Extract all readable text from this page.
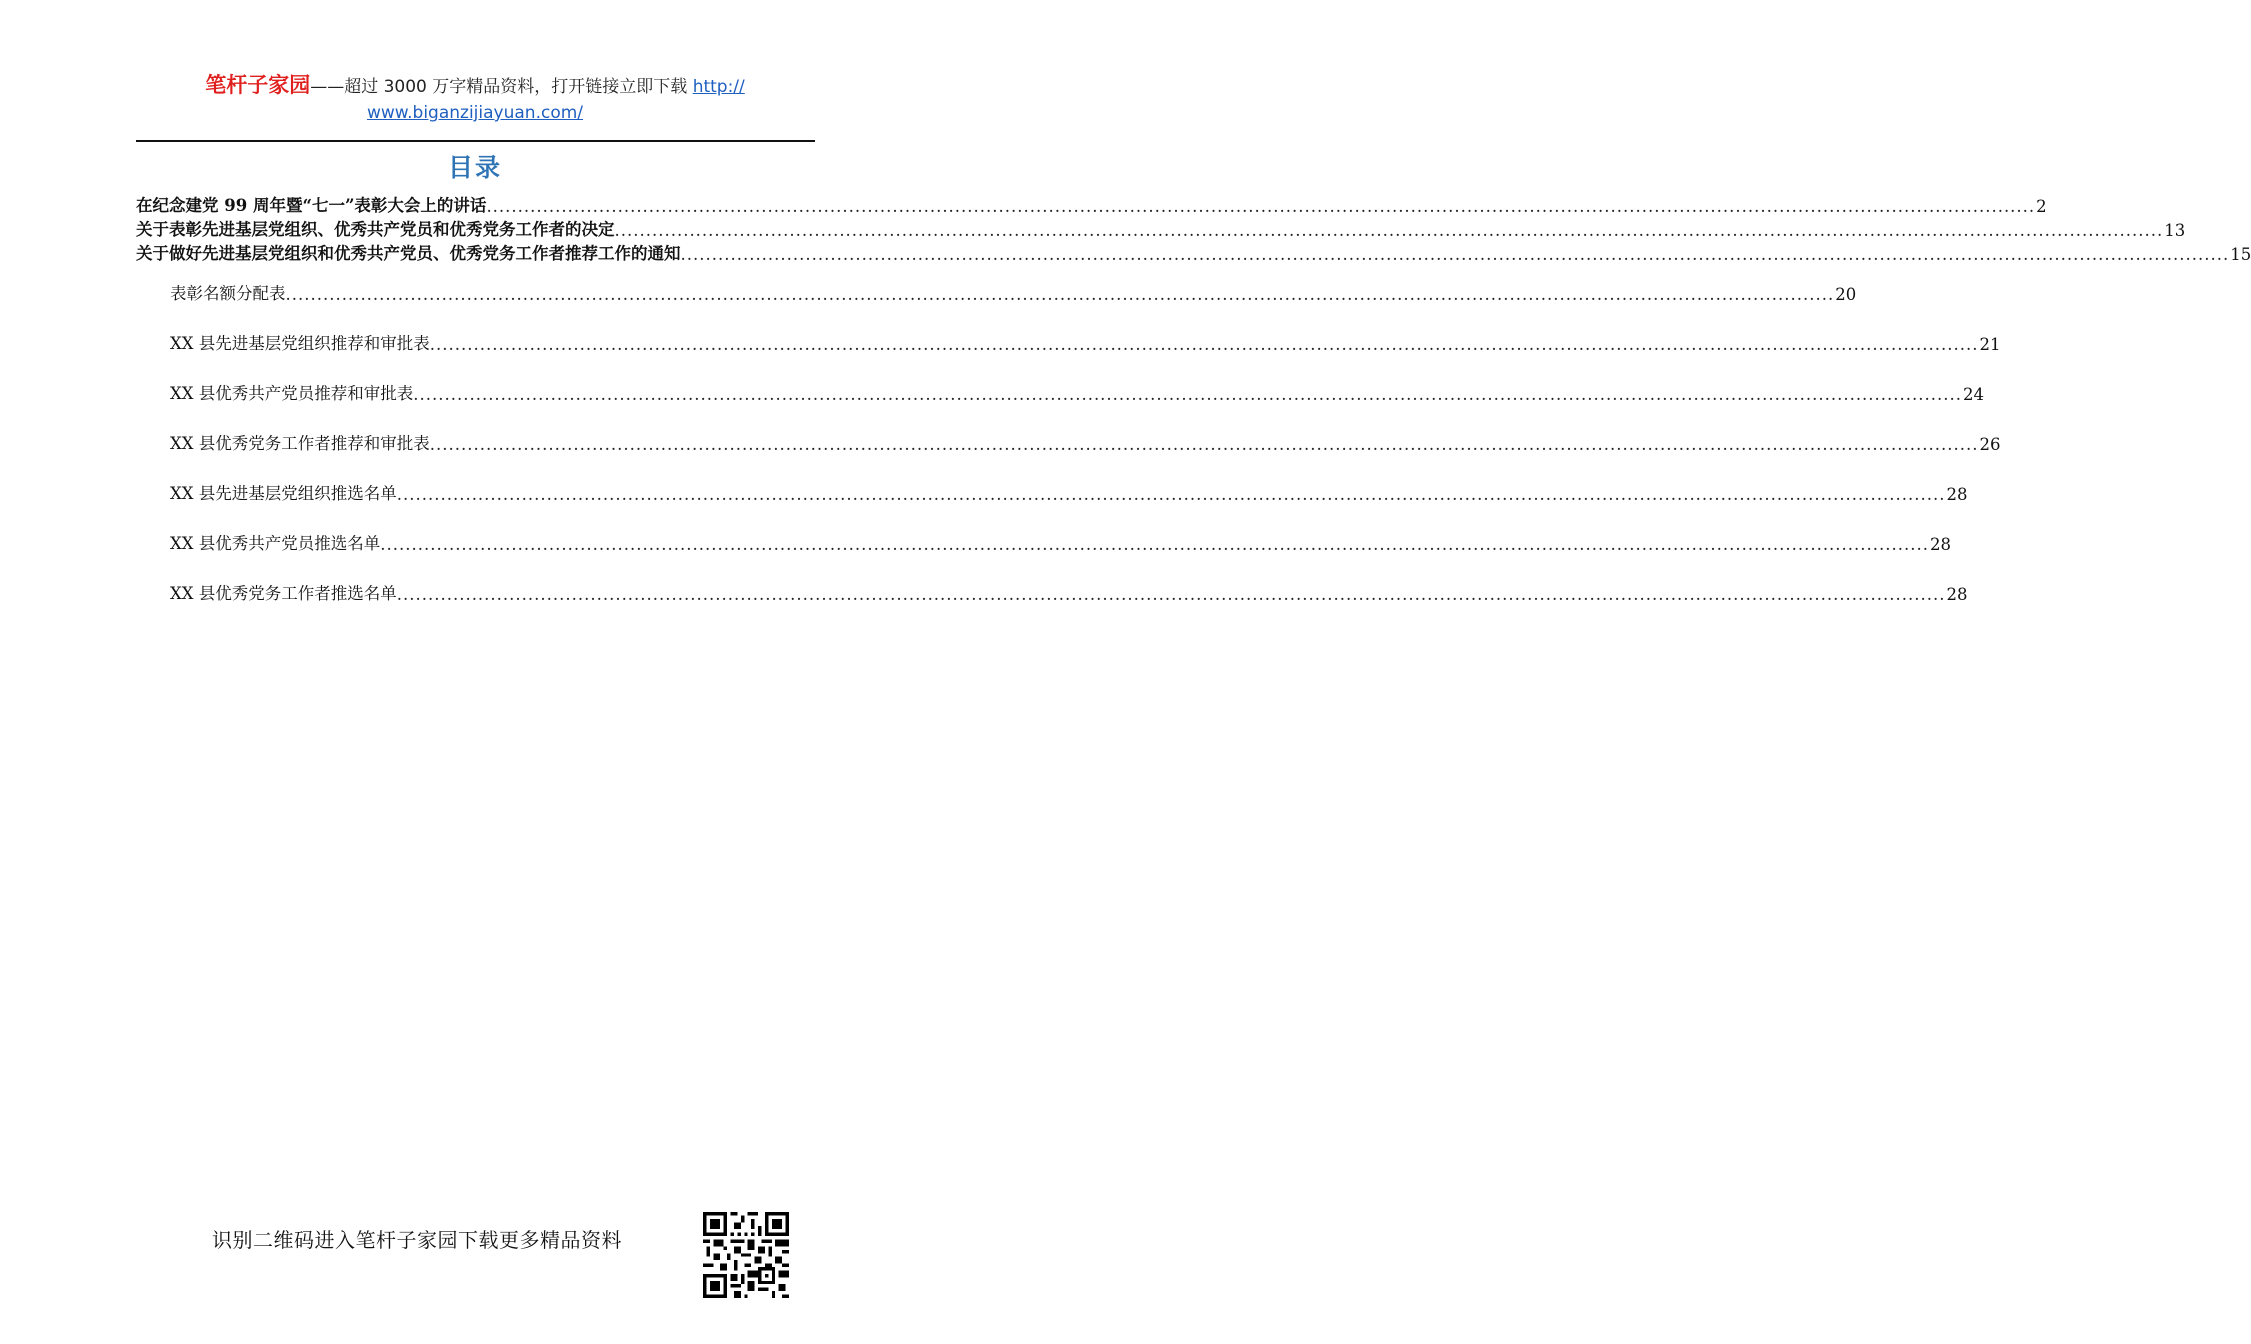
笔杆子家园——超过 3000 万字精品资料，打开链接立即下载 http://
www.biganzijiayuan.com/
目录
在纪念建党 99 周年暨“七一”表彰大会上的讲话 .....	2
关于表彰先进基层党组织、优秀共产党员和优秀党务工作者的决定 .....	13
关于做好先进基层党组织和优秀共产党员、优秀党务工作者推荐工作的通知 .....	15
表彰名额分配表 .....	20
XX 县先进基层党组织推荐和审批表 .....	21
XX 县优秀共产党员推荐和审批表 .....	24
XX 县优秀党务工作者推荐和审批表 .....	26
XX 县先进基层党组织推选名单 .....	28
XX 县优秀共产党员推选名单 .....	28
XX 县优秀党务工作者推选名单 .....	28
识别二维码进入笔杆子家园下载更多精品资料
